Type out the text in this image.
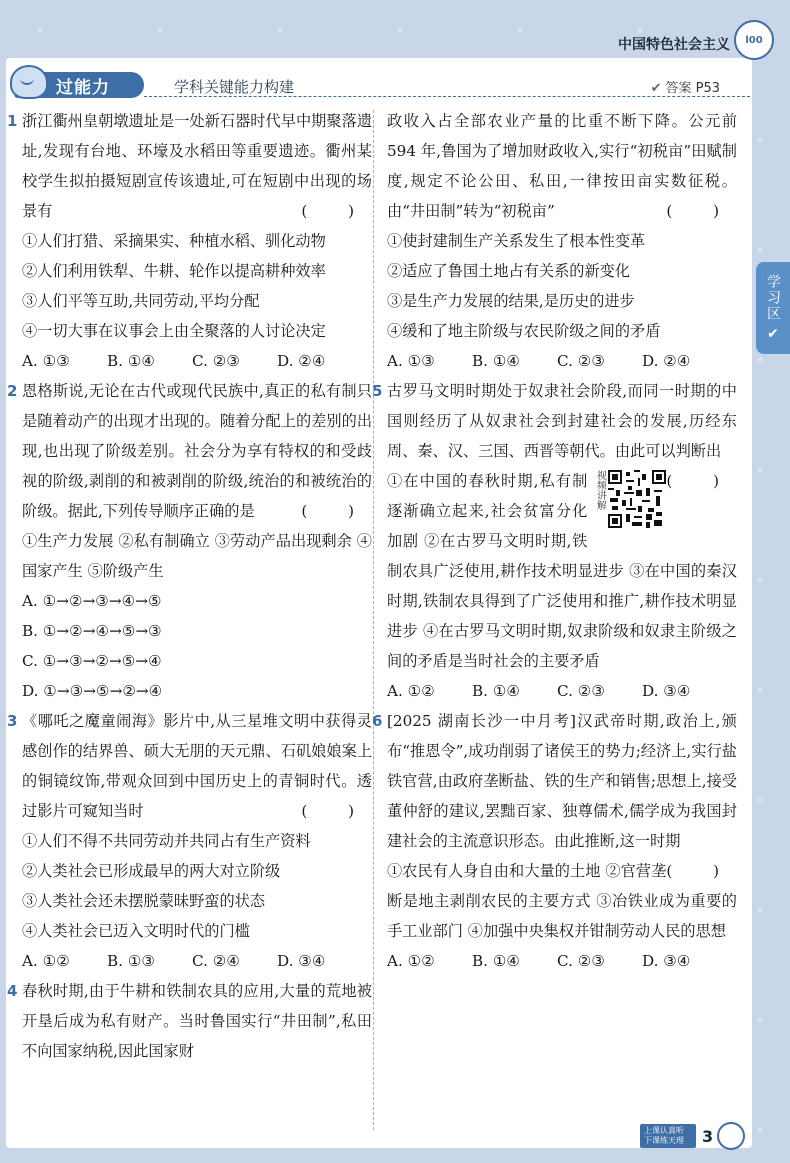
中国特色社会主义 l00
过能力	学科关键能力构建	✔ 答案 P53
1 浙江衢州皇朝墩遗址是一处新石器时代早中期聚落遗址,发现有台地、环壕及水稻田等重要遗迹。衢州某校学生拟拍摄短剧宣传该遗址,可在短剧中出现的场景有	( )
①人们打猎、采摘果实、种植水稻、驯化动物
②人们利用铁犁、牛耕、轮作以提高耕种效率
③人们平等互助,共同劳动,平均分配
④一切大事在议事会上由全聚落的人讨论决定
A. ①③	B. ①④	C. ②③	D. ②④
2 恩格斯说,无论在古代或现代民族中,真正的私有制只是随着动产的出现才出现的。随着分配上的差别的出现,也出现了阶级差别。社会分为享有特权的和受歧视的阶级,剥削的和被剥削的阶级,统治的和被统治的阶级。据此,下列传导顺序正确的是	( )
①生产力发展 ②私有制确立 ③劳动产品出现剩余 ④国家产生 ⑤阶级产生
A. ①→②→③→④→⑤
B. ①→②→④→⑤→③
C. ①→③→②→⑤→④
D. ①→③→⑤→②→④
3 《哪吒之魔童闹海》影片中,从三星堆文明中获得灵感创作的结界兽、硕大无朋的天元鼎、石矶娘娘案上的铜镜纹饰,带观众回到中国历史上的青铜时代。透过影片可窥知当时	( )
①人们不得不共同劳动并共同占有生产资料
②人类社会已形成最早的两大对立阶级
③人类社会还未摆脱蒙昧野蛮的状态
④人类社会已迈入文明时代的门槛
A. ①②	B. ①③	C. ②④	D. ③④
4 春秋时期,由于牛耕和铁制农具的应用,大量的荒地被开垦后成为私有财产。当时鲁国实行“井田制”,私田不向国家纳税,因此国家财
政收入占全部农业产量的比重不断下降。公元前 594 年,鲁国为了增加财政收入,实行“初税亩”田赋制度,规定不论公田、私田,一律按田亩实数征税。由“井田制”转为“初税亩”	( )
①使封建制生产关系发生了根本性变革
②适应了鲁国土地占有关系的新变化
③是生产力发展的结果,是历史的进步
④缓和了地主阶级与农民阶级之间的矛盾
A. ①③	B. ①④	C. ②③	D. ②④
5 古罗马文明时期处于奴隶社会阶段,而同一时期的中国则经历了从奴隶社会到封建社会的发展,历经东周、秦、汉、三国、西晋等朝代。由此可以判断出
( )
视频讲解
①在中国的春秋时期,私有制逐渐确立起来,社会贫富分化加剧 ②在古罗马文明时期,铁制农具广泛使用,耕作技术明显进步 ③在中国的秦汉时期,铁制农具得到了广泛使用和推广,耕作技术明显进步 ④在古罗马文明时期,奴隶阶级和奴隶主阶级之间的矛盾是当时社会的主要矛盾
A. ①②	B. ①④	C. ②③	D. ③④
6 [2025 湖南长沙一中月考]汉武帝时期,政治上,颁布“推恩令”,成功削弱了诸侯王的势力;经济上,实行盐铁官营,由政府垄断盐、铁的生产和销售;思想上,接受董仲舒的建议,罢黜百家、独尊儒术,儒学成为我国封建社会的主流意识形态。由此推断,这一时期
( )
①农民有人身自由和大量的土地 ②官营垄断是地主剥削农民的主要方式 ③冶铁业成为重要的手工业部门 ④加强中央集权并钳制劳动人民的思想
A. ①②	B. ①④	C. ②③	D. ③④
学习区
✔
上课认真听 下课练天理	3
